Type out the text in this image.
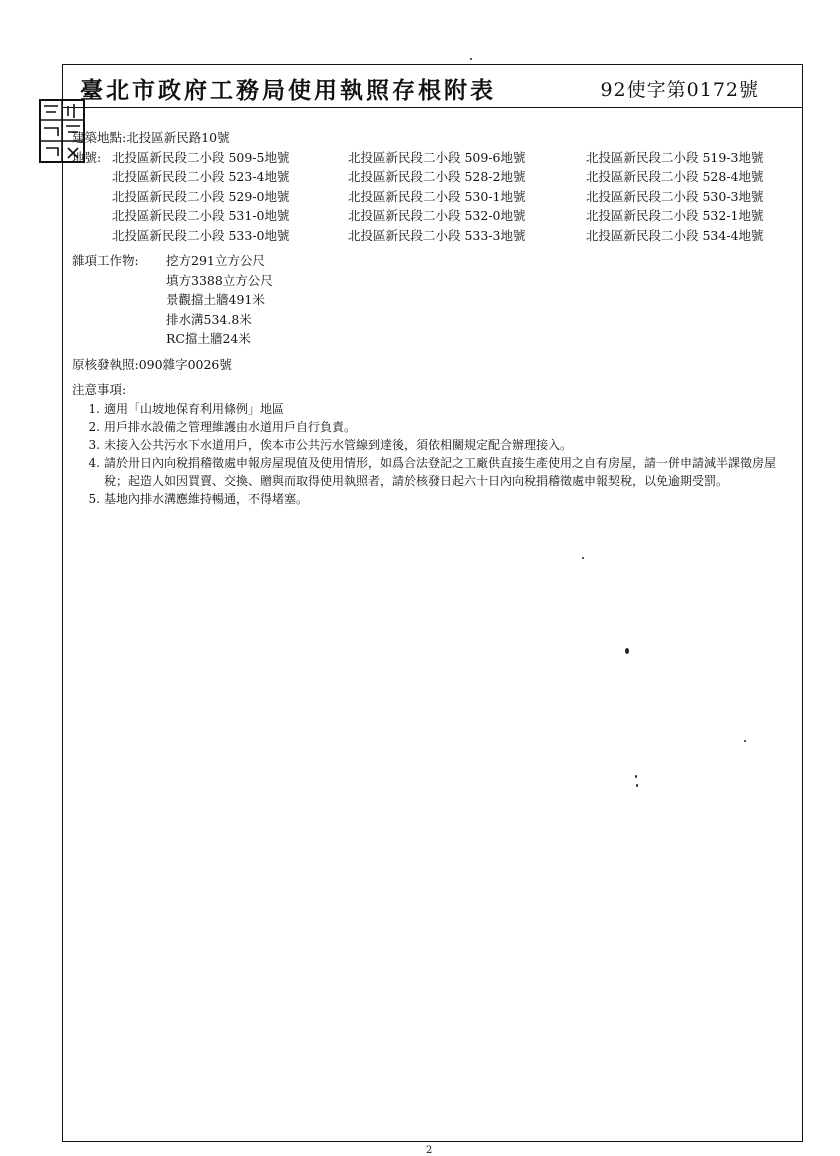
臺北市政府工務局使用執照存根附表	92使字第0172號
建築地點: 北投區新民路10號
地號: 北投區新民段二小段 509-5地號	北投區新民段二小段 509-6地號	北投區新民段二小段 519-3地號
北投區新民段二小段 523-4地號	北投區新民段二小段 528-2地號	北投區新民段二小段 528-4地號
北投區新民段二小段 529-0地號	北投區新民段二小段 530-1地號	北投區新民段二小段 530-3地號
北投區新民段二小段 531-0地號	北投區新民段二小段 532-0地號	北投區新民段二小段 532-1地號
北投區新民段二小段 533-0地號	北投區新民段二小段 533-3地號	北投區新民段二小段 534-4地號
雜項工作物:	挖方291立方公尺
填方3388立方公尺
景觀擋土牆491米
排水溝534.8米
RC擋土牆24米
原核發執照: 090雜字0026號
注意事項:
1. 適用「山坡地保育利用條例」地區
2. 用戶排水設備之管理維護由水道用戶自行負責。
3. 未接入公共污水下水道用戶，俟本市公共污水管線到達後，須依相關規定配合辦理接入。
4. 請於卅日內向稅捐稽徵處申報房屋現值及使用情形，如爲合法登記之工廠供直接生產使用之自有房屋，請一併申請減半課徵房屋稅；起造人如因買賣、交換、贈與而取得使用執照者，請於核發日起六十日內向稅捐稽徵處申報契稅，以免逾期受罰。
5. 基地內排水溝應維持暢通，不得堵塞。
2
